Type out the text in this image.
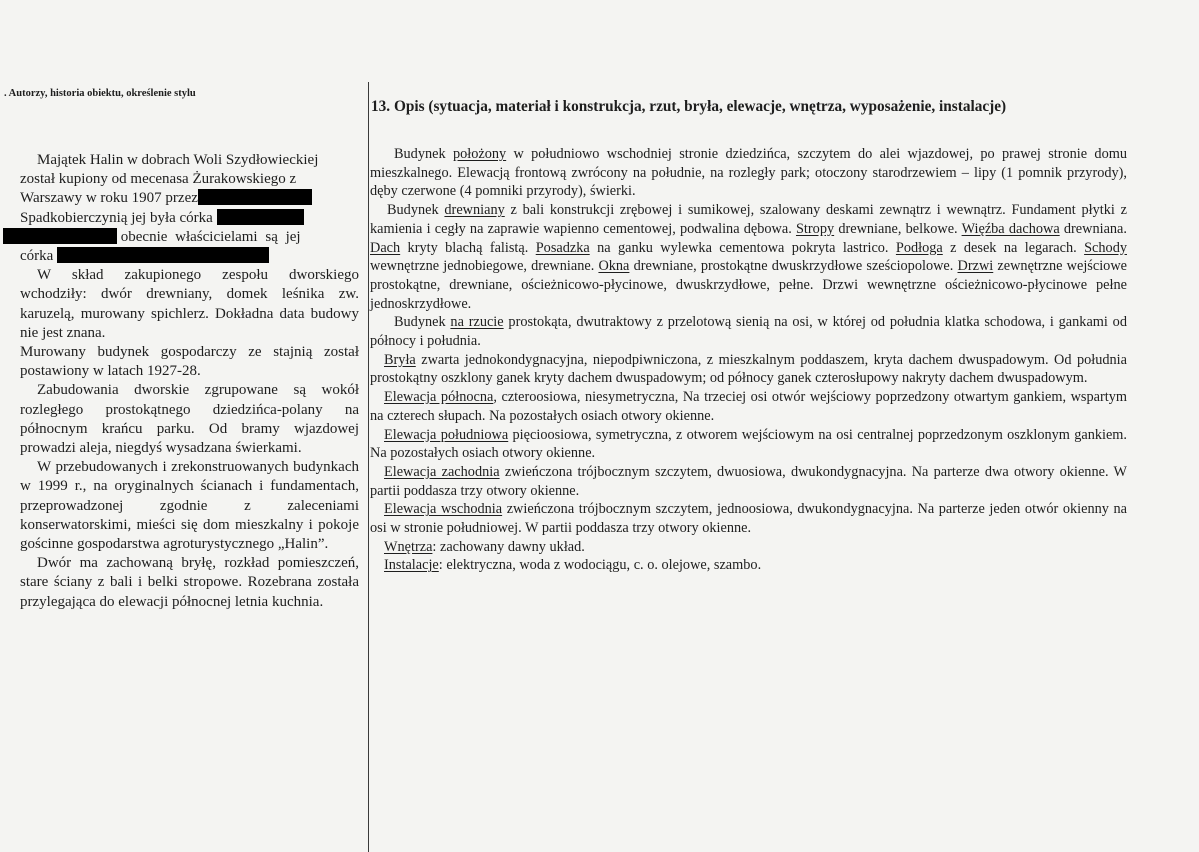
. Autorzy, historia obiektu, określenie stylu

Majątek Halin w dobrach Woli Szydłowieckiej
został kupiony od mecenasa Żurakowskiego z
Warszawy w roku 1907 przez
Spadkobierczynią jej była córka
obecnie właścicielami są jej
córka

W skład zakupionego zespołu dworskiego wchodziły: dwór drewniany, domek leśnika zw. karuzelą, murowany spichlerz. Dokładna data budowy nie jest znana.

Murowany budynek gospodarczy ze stajnią został postawiony w latach 1927-28.

Zabudowania dworskie zgrupowane są wokół rozległego prostokątnego dziedzińca-polany na północnym krańcu parku. Od bramy wjazdowej prowadzi aleja, niegdyś wysadzana świerkami.

W przebudowanych i zrekonstruowanych budynkach w 1999 r., na oryginalnych ścianach i fundamentach, przeprowadzonej zgodnie z zaleceniami konserwatorskimi, mieści się dom mieszkalny i pokoje gościnne gospodarstwa agroturystycznego „Halin”.

Dwór ma zachowaną bryłę, rozkład pomieszczeń, stare ściany z bali i belki stropowe. Rozebrana została przylegająca do elewacji północnej letnia kuchnia.

13. Opis (sytuacja, materiał i konstrukcja, rzut, bryła, elewacje, wnętrza, wyposażenie, instalacje)

Budynek położony w południowo wschodniej stronie dziedzińca, szczytem do alei wjazdowej, po prawej stronie domu mieszkalnego. Elewacją frontową zwrócony na południe, na rozległy park; otoczony starodrzewiem – lipy (1 pomnik przyrody), dęby czerwone (4 pomniki przyrody), świerki.

Budynek drewniany z bali konstrukcji zrębowej i sumikowej, szalowany deskami zewnątrz i wewnątrz. Fundament płytki z kamienia i cegły na zaprawie wapienno cementowej, podwalina dębowa. Stropy drewniane, belkowe. Więźba dachowa drewniana. Dach kryty blachą falistą. Posadzka na ganku wylewka cementowa pokryta lastrico. Podłoga z desek na legarach. Schody wewnętrzne jednobiegowe, drewniane. Okna drewniane, prostokątne dwuskrzydłowe sześciopolowe. Drzwi zewnętrzne wejściowe prostokątne, drewniane, ościeżnicowo-płycinowe, dwuskrzydłowe, pełne. Drzwi wewnętrzne ościeżnicowo-płycinowe pełne jednoskrzydłowe.

Budynek na rzucie prostokąta, dwutraktowy z przelotową sienią na osi, w której od południa klatka schodowa, i gankami od północy i południa.

Bryła zwarta jednokondygnacyjna, niepodpiwniczona, z mieszkalnym poddaszem, kryta dachem dwuspadowym. Od południa prostokątny oszklony ganek kryty dachem dwuspadowym; od północy ganek czterosłupowy nakryty dachem dwuspadowym.

Elewacja północna, czteroosiowa, niesymetryczna, Na trzeciej osi otwór wejściowy poprzedzony otwartym gankiem, wspartym na czterech słupach. Na pozostałych osiach otwory okienne.

Elewacja południowa pięcioosiowa, symetryczna, z otworem wejściowym na osi centralnej poprzedzonym oszklonym gankiem. Na pozostałych osiach otwory okienne.

Elewacja zachodnia zwieńczona trójbocznym szczytem, dwuosiowa, dwukondygnacyjna. Na parterze dwa otwory okienne. W partii poddasza trzy otwory okienne.

Elewacja wschodnia zwieńczona trójbocznym szczytem, jednoosiowa, dwukondygnacyjna. Na parterze jeden otwór okienny na osi w stronie południowej. W partii poddasza trzy otwory okienne.

Wnętrza: zachowany dawny układ.

Instalacje: elektryczna, woda z wodociągu, c. o. olejowe, szambo.
